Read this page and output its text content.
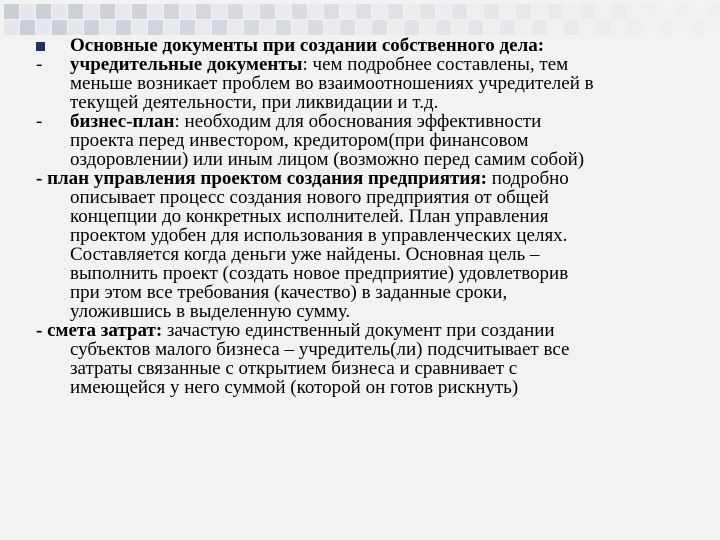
Основные документы при создании собственного дела:
- учредительные документы: чем подробнее составлены, тем
меньше возникает проблем во взаимоотношениях учредителей в
текущей деятельности, при ликвидации и т.д.
- бизнес-план: необходим для обоснования эффективности
проекта перед инвестором, кредитором(при финансовом
оздоровлении) или иным лицом (возможно перед самим собой)
- план управления проектом создания предприятия: подробно
описывает процесс создания нового предприятия от общей
концепции до конкретных исполнителей. План управления
проектом удобен для использования в управленческих целях.
Составляется когда деньги уже найдены. Основная цель –
выполнить проект (создать новое предприятие) удовлетворив
при этом все требования (качество) в заданные сроки,
уложившись в выделенную сумму.
- смета затрат: зачастую единственный документ при создании
субъектов малого бизнеса – учредитель(ли) подсчитывает все
затраты связанные с открытием бизнеса и сравнивает с
имеющейся у него суммой (которой он готов рискнуть)
